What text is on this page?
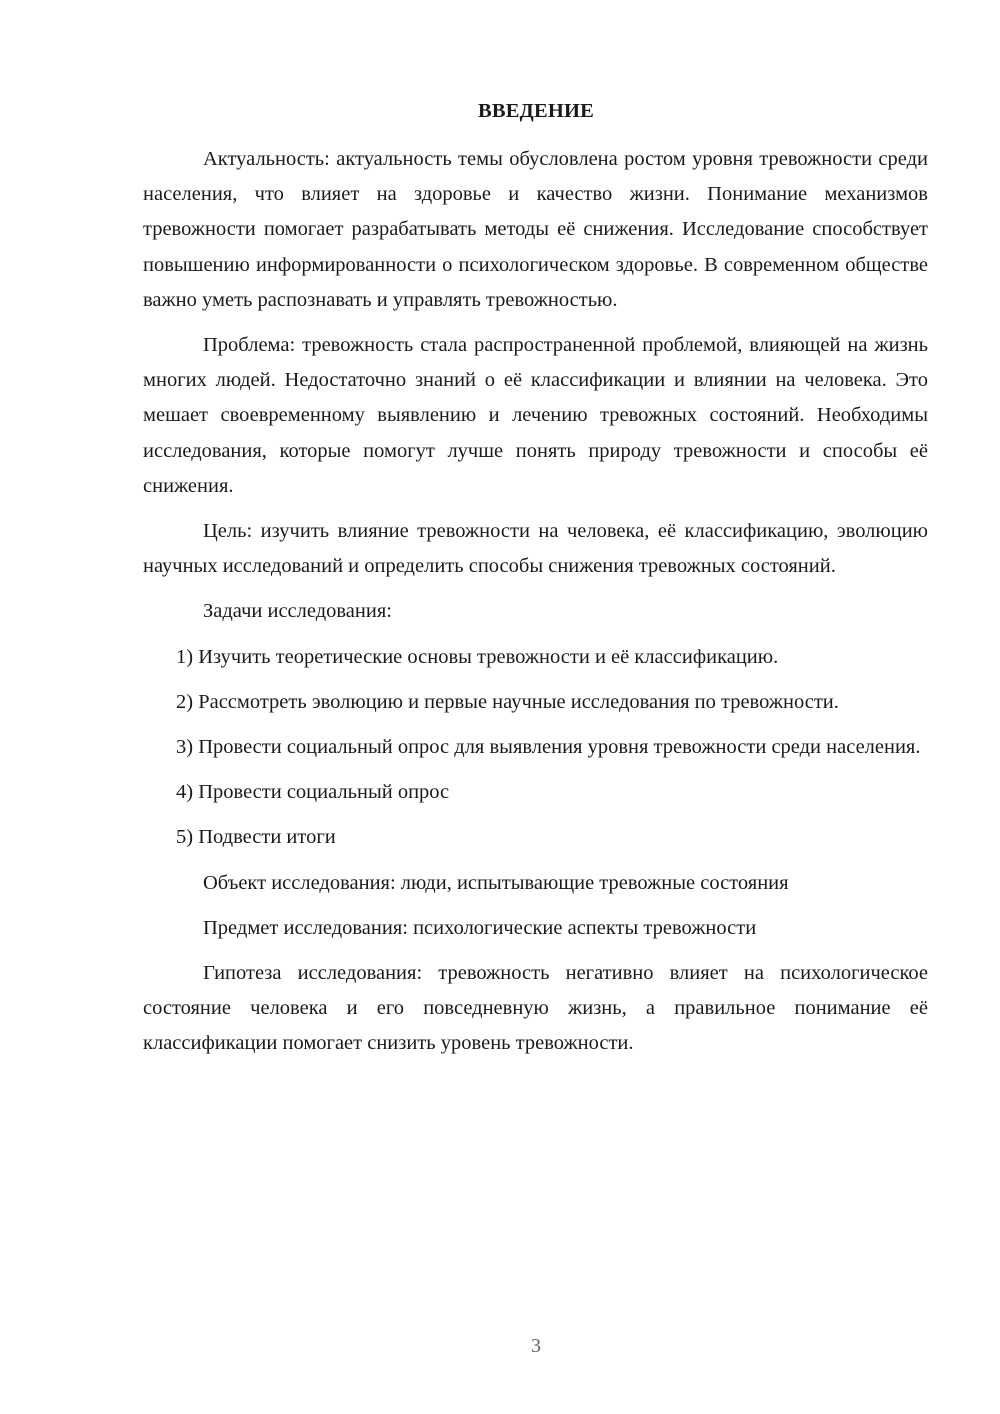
ВВЕДЕНИЕ

Актуальность: актуальность темы обусловлена ростом уровня тревожности среди населения, что влияет на здоровье и качество жизни. Понимание механизмов тревожности помогает разрабатывать методы её снижения. Исследование способствует повышению информированности о психологическом здоровье. В современном обществе важно уметь распознавать и управлять тревожностью.

Проблема: тревожность стала распространенной проблемой, влияющей на жизнь многих людей. Недостаточно знаний о её классификации и влиянии на человека. Это мешает своевременному выявлению и лечению тревожных состояний. Необходимы исследования, которые помогут лучше понять природу тревожности и способы её снижения.

Цель: изучить влияние тревожности на человека, её классификацию, эволюцию научных исследований и определить способы снижения тревожных состояний.

Задачи исследования:

1) Изучить теоретические основы тревожности и её классификацию.

2) Рассмотреть эволюцию и первые научные исследования по тревожности.

3) Провести социальный опрос для выявления уровня тревожности среди населения.

4) Провести социальный опрос

5) Подвести итоги

Объект исследования: люди, испытывающие тревожные состояния

Предмет исследования: психологические аспекты тревожности

Гипотеза исследования: тревожность негативно влияет на психологическое состояние человека и его повседневную жизнь, а правильное понимание её классификации помогает снизить уровень тревожности.

3
